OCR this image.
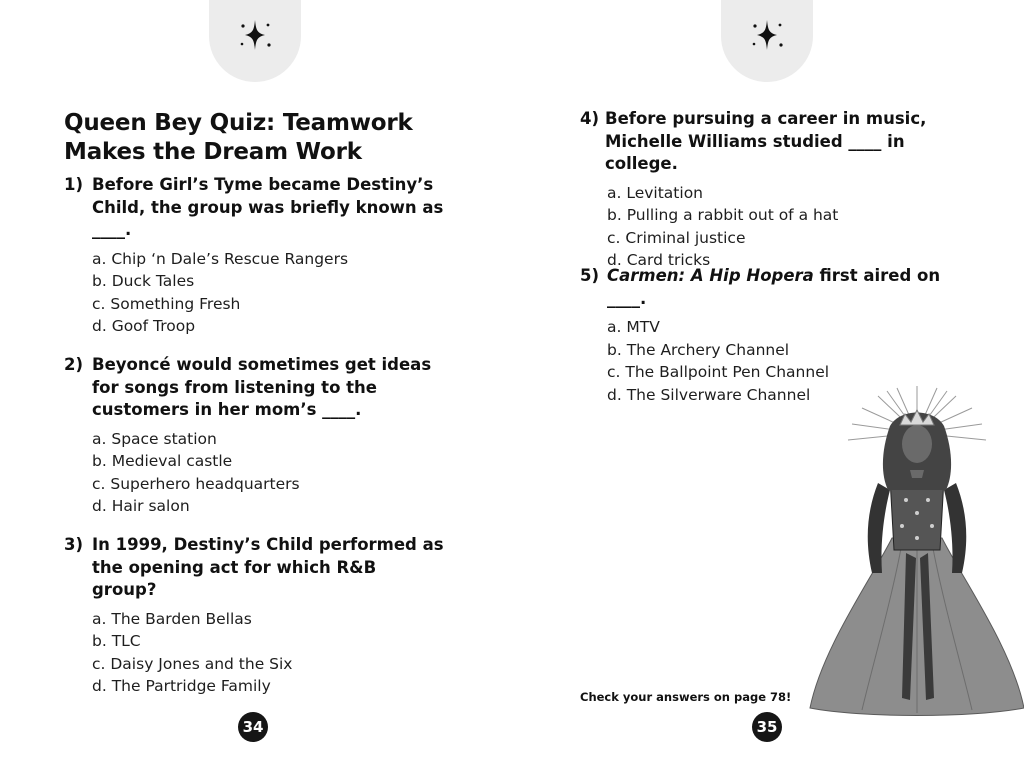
Queen Bey Quiz: Teamwork
Makes the Dream Work
1) Before Girl’s Tyme became Destiny’s Child, the group was briefly known as ____.
a. Chip ‘n Dale’s Rescue Rangers
b. Duck Tales
c. Something Fresh
d. Goof Troop
2) Beyoncé would sometimes get ideas for songs from listening to the customers in her mom’s ____.
a. Space station
b. Medieval castle
c. Superhero headquarters
d. Hair salon
3) In 1999, Destiny’s Child performed as the opening act for which R&B group?
a. The Barden Bellas
b. TLC
c. Daisy Jones and the Six
d. The Partridge Family
34
4) Before pursuing a career in music, Michelle Williams studied ____ in college.
a. Levitation
b. Pulling a rabbit out of a hat
c. Criminal justice
d. Card tricks
5) Carmen: A Hip Hopera first aired on ____.
a. MTV
b. The Archery Channel
c. The Ballpoint Pen Channel
d. The Silverware Channel
Check your answers on page 78!
35
